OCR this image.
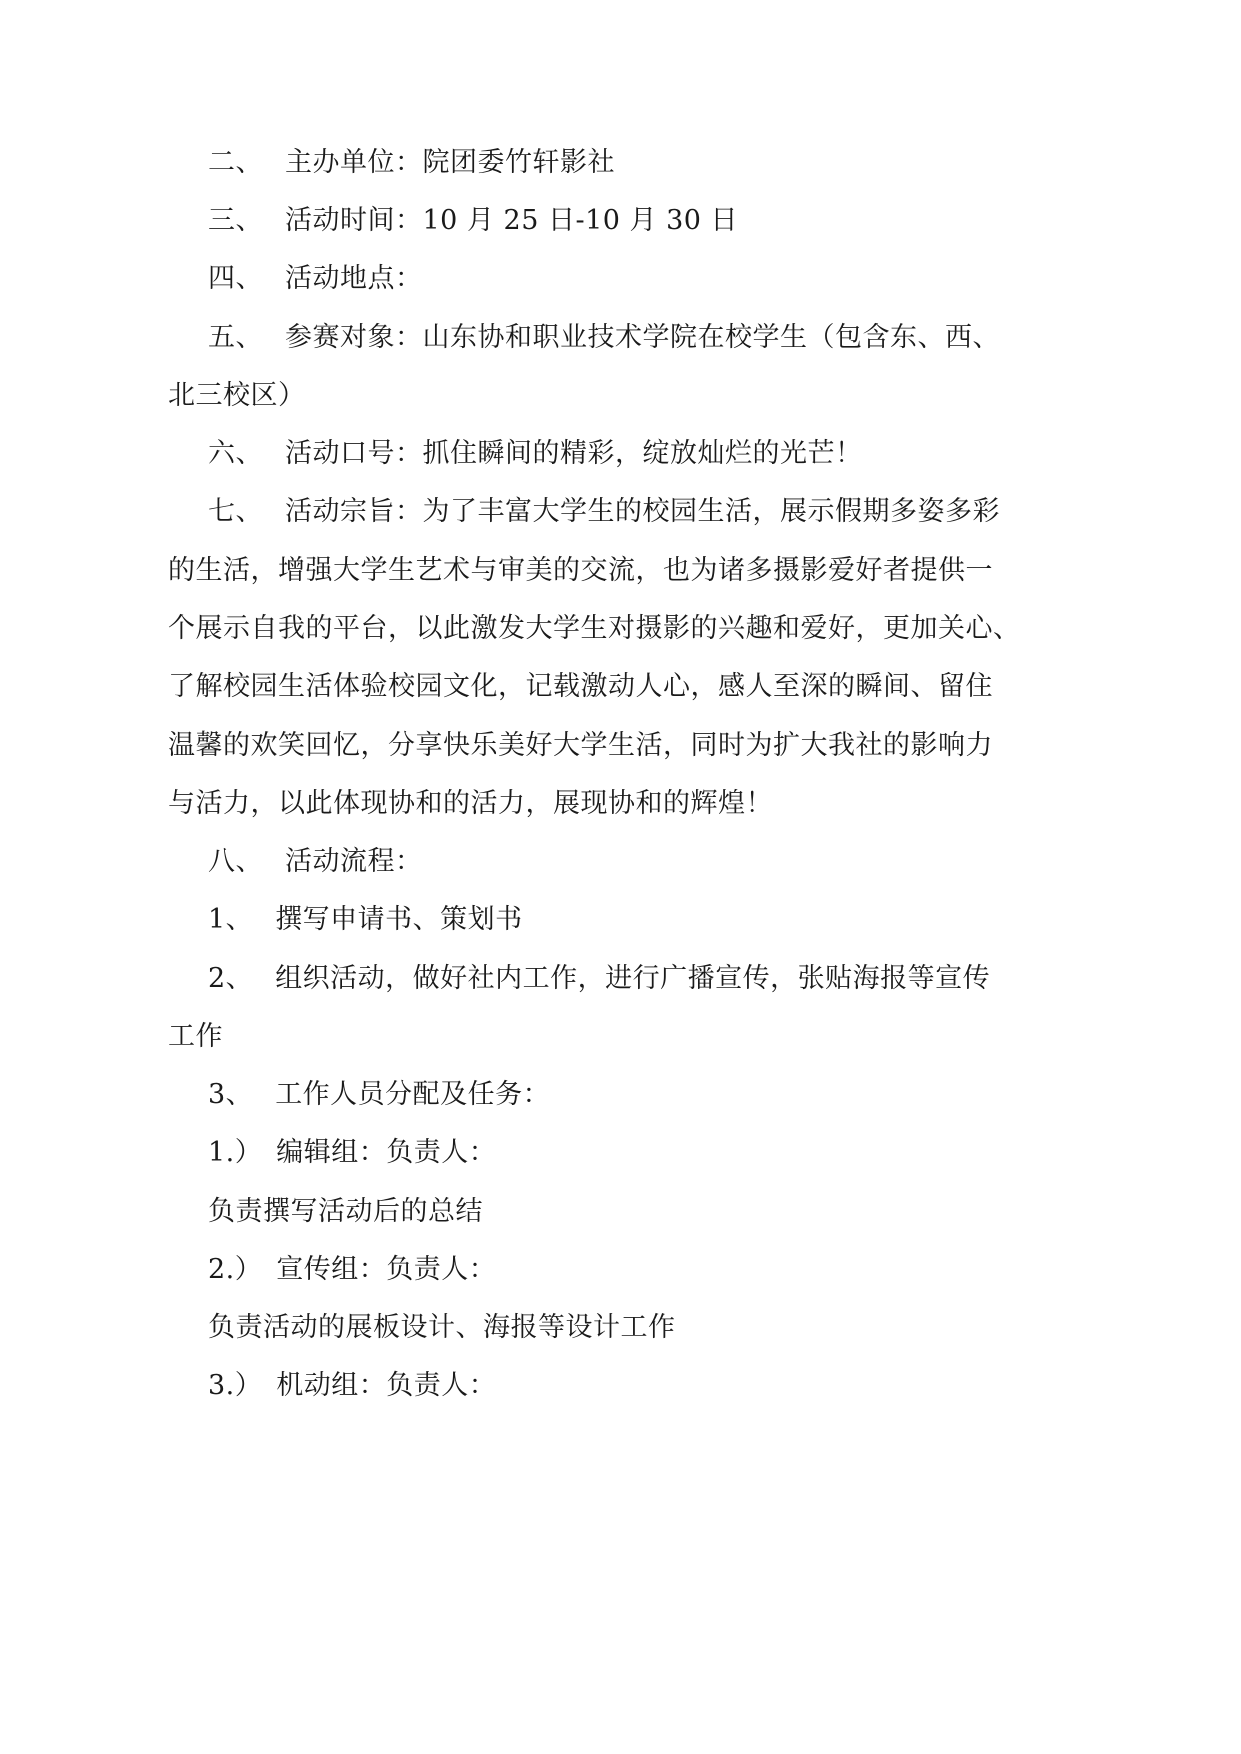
二、 主办单位：院团委竹轩影社
三、 活动时间：10 月 25 日-10 月 30 日
四、 活动地点：
五、 参赛对象：山东协和职业技术学院在校学生（包含东、西、
北三校区）
六、 活动口号：抓住瞬间的精彩，绽放灿烂的光芒！
七、 活动宗旨：为了丰富大学生的校园生活，展示假期多姿多彩
的生活，增强大学生艺术与审美的交流，也为诸多摄影爱好者提供一
个展示自我的平台，以此激发大学生对摄影的兴趣和爱好，更加关心、
了解校园生活体验校园文化，记载激动人心，感人至深的瞬间、留住
温馨的欢笑回忆，分享快乐美好大学生活，同时为扩大我社的影响力
与活力，以此体现协和的活力，展现协和的辉煌！
八、 活动流程：
1、 撰写申请书、策划书
2、 组织活动，做好社内工作，进行广播宣传，张贴海报等宣传
工作
3、 工作人员分配及任务：
1.） 编辑组：负责人：
负责撰写活动后的总结
2.） 宣传组：负责人：
负责活动的展板设计、海报等设计工作
3.） 机动组：负责人：
